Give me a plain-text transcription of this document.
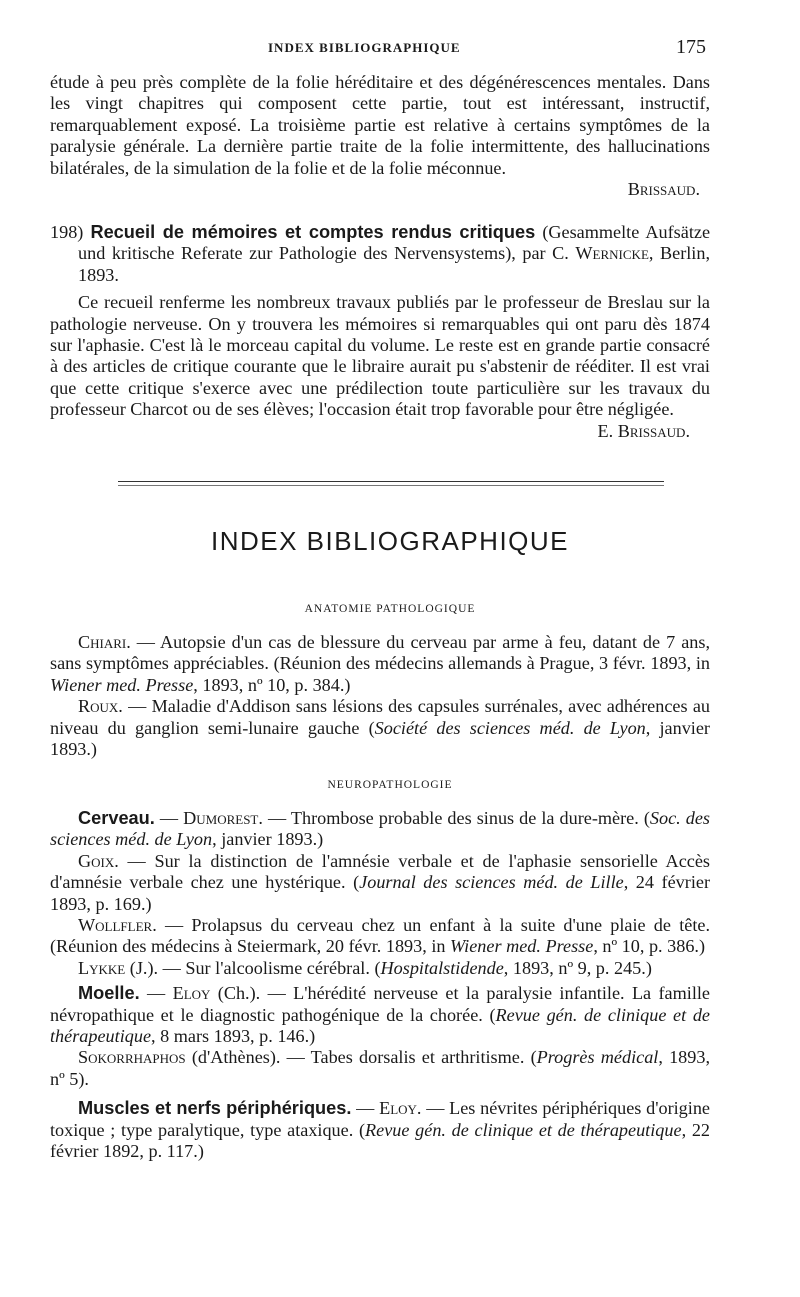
INDEX BIBLIOGRAPHIQUE	175
étude à peu près complète de la folie héréditaire et des dégénérescences mentales. Dans les vingt chapitres qui composent cette partie, tout est intéressant, instructif, remarquablement exposé. La troisième partie est relative à certains symptômes de la paralysie générale. La dernière partie traite de la folie intermittente, des hallucinations bilatérales, de la simulation de la folie et de la folie méconnue.
Brissaud.
198) Recueil de mémoires et comptes rendus critiques (Gesammelte Aufsätze und kritische Referate zur Pathologie des Nervensystems), par C. Wernicke, Berlin, 1893.
Ce recueil renferme les nombreux travaux publiés par le professeur de Breslau sur la pathologie nerveuse. On y trouvera les mémoires si remarquables qui ont paru dès 1874 sur l'aphasie. C'est là le morceau capital du volume. Le reste est en grande partie consacré à des articles de critique courante que le libraire aurait pu s'abstenir de rééditer. Il est vrai que cette critique s'exerce avec une prédilection toute particulière sur les travaux du professeur Charcot ou de ses élèves; l'occasion était trop favorable pour être négligée.
E. Brissaud.
INDEX BIBLIOGRAPHIQUE
ANATOMIE PATHOLOGIQUE
Chiari. — Autopsie d'un cas de blessure du cerveau par arme à feu, datant de 7 ans, sans symptômes appréciables. (Réunion des médecins allemands à Prague, 3 févr. 1893, in Wiener med. Presse, 1893, nº 10, p. 384.)
Roux. — Maladie d'Addison sans lésions des capsules surrénales, avec adhérences au niveau du ganglion semi-lunaire gauche (Société des sciences méd. de Lyon, janvier 1893.)
NEUROPATHOLOGIE
Cerveau. — Dumorest. — Thrombose probable des sinus de la dure-mère. (Soc. des sciences méd. de Lyon, janvier 1893.)
Goix. — Sur la distinction de l'amnésie verbale et de l'aphasie sensorielle Accès d'amnésie verbale chez une hystérique. (Journal des sciences méd. de Lille, 24 février 1893, p. 169.)
Wollfler. — Prolapsus du cerveau chez un enfant à la suite d'une plaie de tête. (Réunion des médecins à Steiermark, 20 févr. 1893, in Wiener med. Presse, nº 10, p. 386.)
Lykke (J.). — Sur l'alcoolisme cérébral. (Hospitalstidende, 1893, nº 9, p. 245.)
Moelle. — Eloy (Ch.). — L'hérédité nerveuse et la paralysie infantile. La famille névropathique et le diagnostic pathogénique de la chorée. (Revue gén. de clinique et de thérapeutique, 8 mars 1893, p. 146.)
Sokorrhaphos (d'Athènes). — Tabes dorsalis et arthritisme. (Progrès médical, 1893, nº 5).
Muscles et nerfs périphériques. — Eloy. — Les névrites périphériques d'origine toxique ; type paralytique, type ataxique. (Revue gén. de clinique et de thérapeutique, 22 février 1892, p. 117.)
